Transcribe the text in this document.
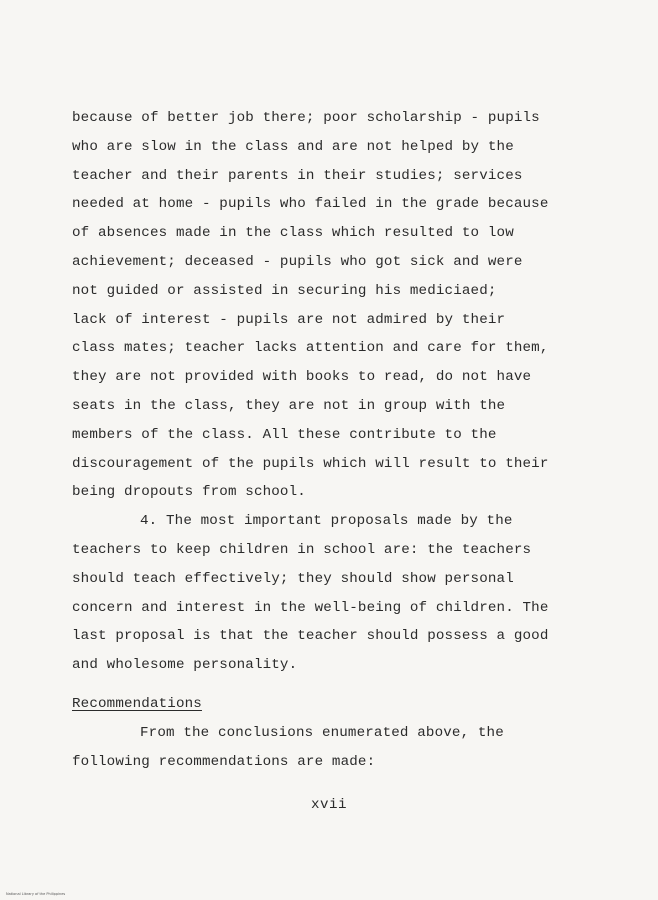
because of better job there; poor scholarship - pupils
who are slow in the class and are not helped by the
teacher and their parents in their studies; services
needed at home - pupils who failed in the grade because
of absences made in the class which resulted to low
achievement; deceased - pupils who got sick and were
not guided or assisted in securing his mediciaed;
lack of interest - pupils are not admired by their
class mates; teacher lacks attention and care for them,
they are not provided with books to read, do not have
seats in the class, they are not in group with the
members of the class. All these contribute to the
discouragement of the pupils which will result to their
being dropouts from school.
4. The most important proposals made by the
teachers to keep children in school are: the teachers
should teach effectively; they should show personal
concern and interest in the well-being of children. The
last proposal is that the teacher should possess a good
and wholesome personality.
Recommendations
From the conclusions enumerated above, the
following recommendations are made:
xvii
National Library of the Philippines
